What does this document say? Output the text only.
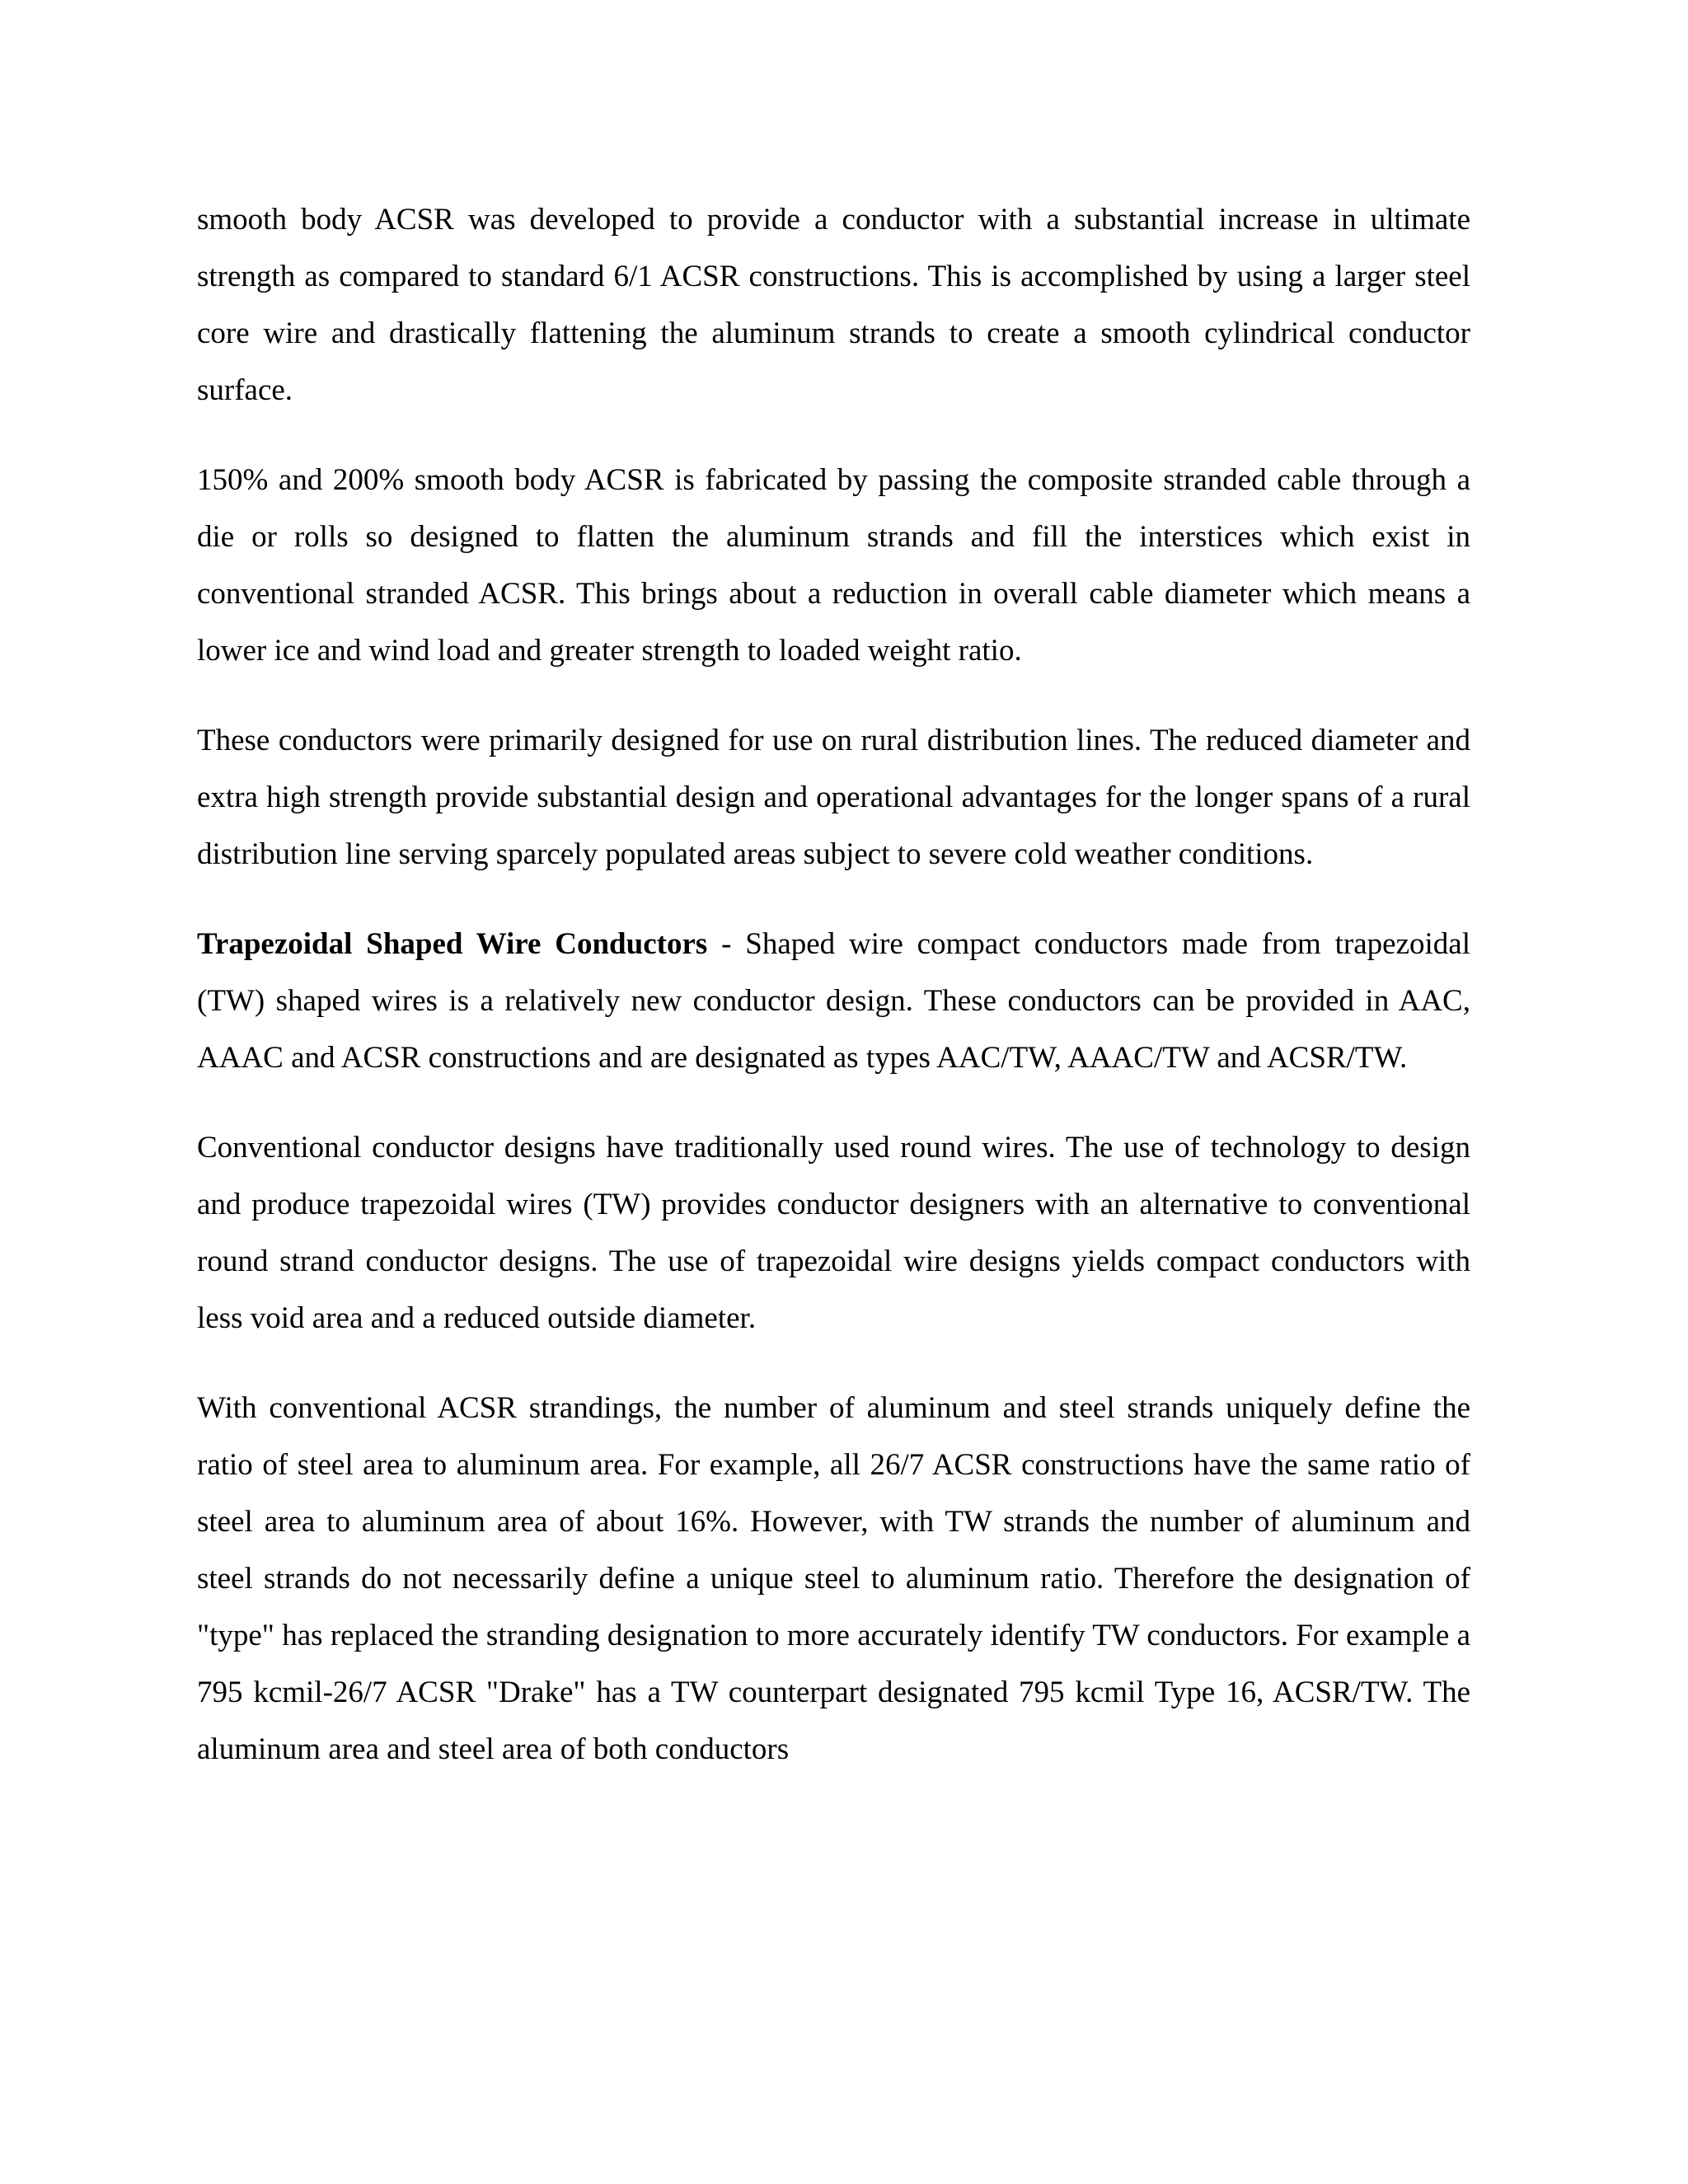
smooth body ACSR was developed to provide a conductor with a substantial increase in ultimate strength as compared to standard 6/1 ACSR constructions. This is accomplished by using a larger steel core wire and drastically flattening the aluminum strands to create a smooth cylindrical conductor surface.

150% and 200% smooth body ACSR is fabricated by passing the composite stranded cable through a die or rolls so designed to flatten the aluminum strands and fill the interstices which exist in conventional stranded ACSR. This brings about a reduction in overall cable diameter which means a lower ice and wind load and greater strength to loaded weight ratio.

These conductors were primarily designed for use on rural distribution lines. The reduced diameter and extra high strength provide substantial design and operational advantages for the longer spans of a rural distribution line serving sparcely populated areas subject to severe cold weather conditions.

Trapezoidal Shaped Wire Conductors - Shaped wire compact conductors made from trapezoidal (TW) shaped wires is a relatively new conductor design. These conductors can be provided in AAC, AAAC and ACSR constructions and are designated as types AAC/TW, AAAC/TW and ACSR/TW.

Conventional conductor designs have traditionally used round wires. The use of technology to design and produce trapezoidal wires (TW) provides conductor designers with an alternative to conventional round strand conductor designs. The use of trapezoidal wire designs yields compact conductors with less void area and a reduced outside diameter.

With conventional ACSR strandings, the number of aluminum and steel strands uniquely define the ratio of steel area to aluminum area. For example, all 26/7 ACSR constructions have the same ratio of steel area to aluminum area of about 16%. However, with TW strands the number of aluminum and steel strands do not necessarily define a unique steel to aluminum ratio. Therefore the designation of "type" has replaced the stranding designation to more accurately identify TW conductors. For example a 795 kcmil-26/7 ACSR "Drake" has a TW counterpart designated 795 kcmil Type 16, ACSR/TW. The aluminum area and steel area of both conductors
